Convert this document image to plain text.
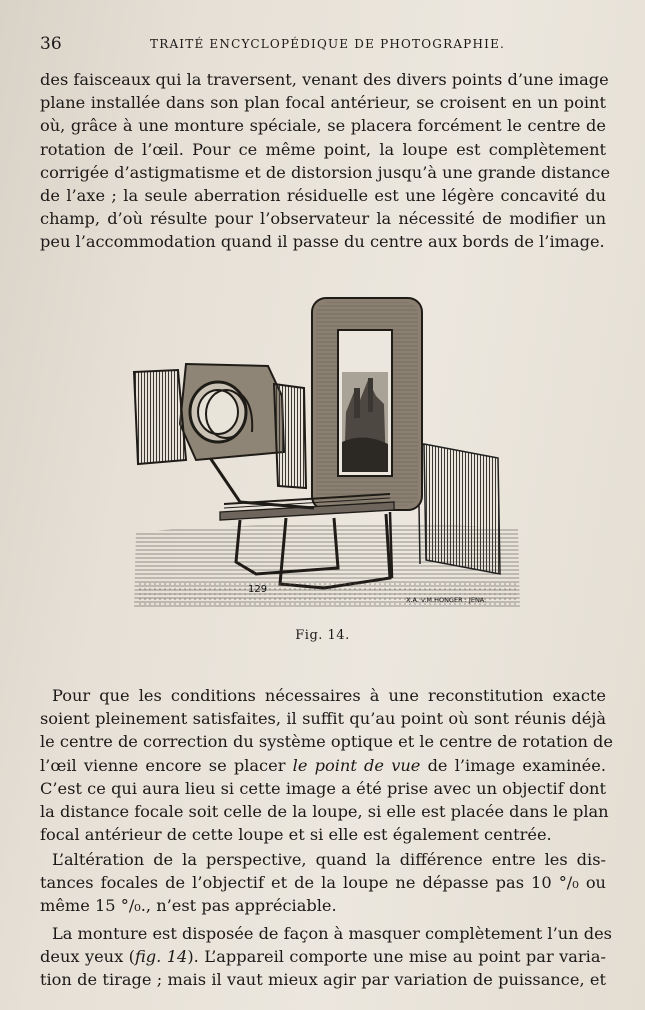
36	TRAITÉ ENCYCLOPÉDIQUE DE PHOTOGRAPHIE.

des faisceaux qui la traversent, venant des divers points d’une image
plane installée dans son plan focal antérieur, se croisent en un point
où, grâce à une monture spéciale, se placera forcément le centre de
rotation de l’œil. Pour ce même point, la loupe est complètement
corrigée d’astigmatisme et de distorsion jusqu’à une grande distance
de l’axe ; la seule aberration résiduelle est une légère concavité du
champ, d’où résulte pour l’observateur la nécessité de modifier un
peu l’accommodation quand il passe du centre aux bords de l’image.

129
X.A. v.M.HONGER : JENA.
Fig. 14.

Pour que les conditions nécessaires à une reconstitution exacte
soient pleinement satisfaites, il suffit qu’au point où sont réunis déjà
le centre de correction du système optique et le centre de rotation de
l’œil vienne encore se placer le point de vue de l’image examinée.
C’est ce qui aura lieu si cette image a été prise avec un objectif dont
la distance focale soit celle de la loupe, si elle est placée dans le plan
focal antérieur de cette loupe et si elle est également centrée.

L’altération de la perspective, quand la différence entre les dis-
tances focales de l’objectif et de la loupe ne dépasse pas 10 °/₀ ou
même 15 °/₀., n’est pas appréciable.

La monture est disposée de façon à masquer complètement l’un des
deux yeux (fig. 14). L’appareil comporte une mise au point par varia-
tion de tirage ; mais il vaut mieux agir par variation de puissance, et
